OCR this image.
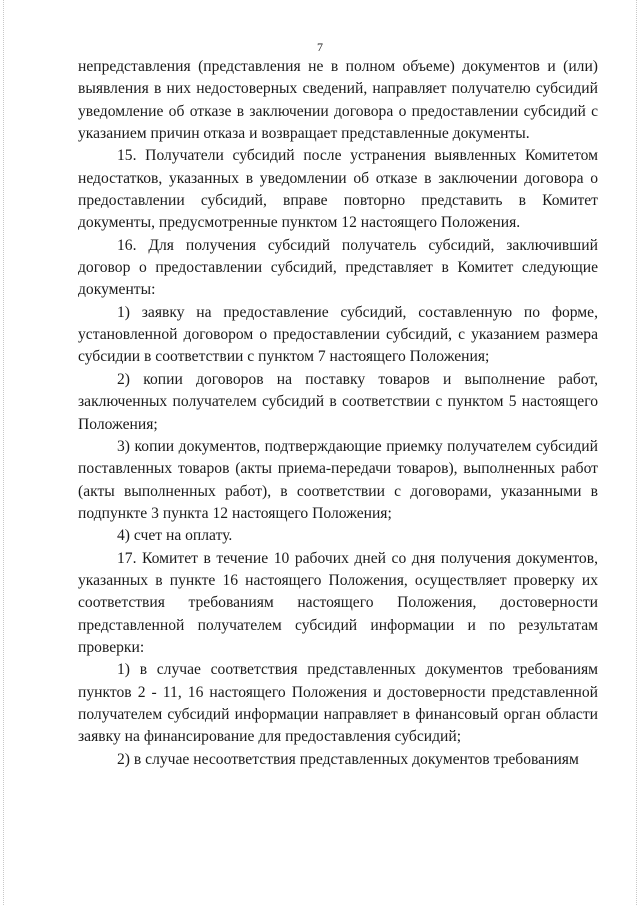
7

непредставления (представления не в полном объеме) документов и (или) выявления в них недостоверных сведений, направляет получателю субсидий уведомление об отказе в заключении договора о предоставлении субсидий с указанием причин отказа и возвращает представленные документы.

15. Получатели субсидий после устранения выявленных Комитетом недостатков, указанных в уведомлении об отказе в заключении договора о предоставлении субсидий, вправе повторно представить в Комитет документы, предусмотренные пунктом 12 настоящего Положения.

16. Для получения субсидий получатель субсидий, заключивший договор о предоставлении субсидий, представляет в Комитет следующие документы:

1) заявку на предоставление субсидий, составленную по форме, установленной договором о предоставлении субсидий, с указанием размера субсидии в соответствии с пунктом 7 настоящего Положения;

2) копии договоров на поставку товаров и выполнение работ, заключенных получателем субсидий в соответствии с пунктом 5 настоящего Положения;

3) копии документов, подтверждающие приемку получателем субсидий поставленных товаров (акты приема-передачи товаров), выполненных работ (акты выполненных работ), в соответствии с договорами, указанными в подпункте 3 пункта 12 настоящего Положения;

4) счет на оплату.

17. Комитет в течение 10 рабочих дней со дня получения документов, указанных в пункте 16 настоящего Положения, осуществляет проверку их соответствия требованиям настоящего Положения, достоверности представленной получателем субсидий информации и по результатам проверки:

1) в случае соответствия представленных документов требованиям пунктов 2 - 11, 16 настоящего Положения и достоверности представленной получателем субсидий информации направляет в финансовый орган области заявку на финансирование для предоставления субсидий;

2) в случае несоответствия представленных документов требованиям
